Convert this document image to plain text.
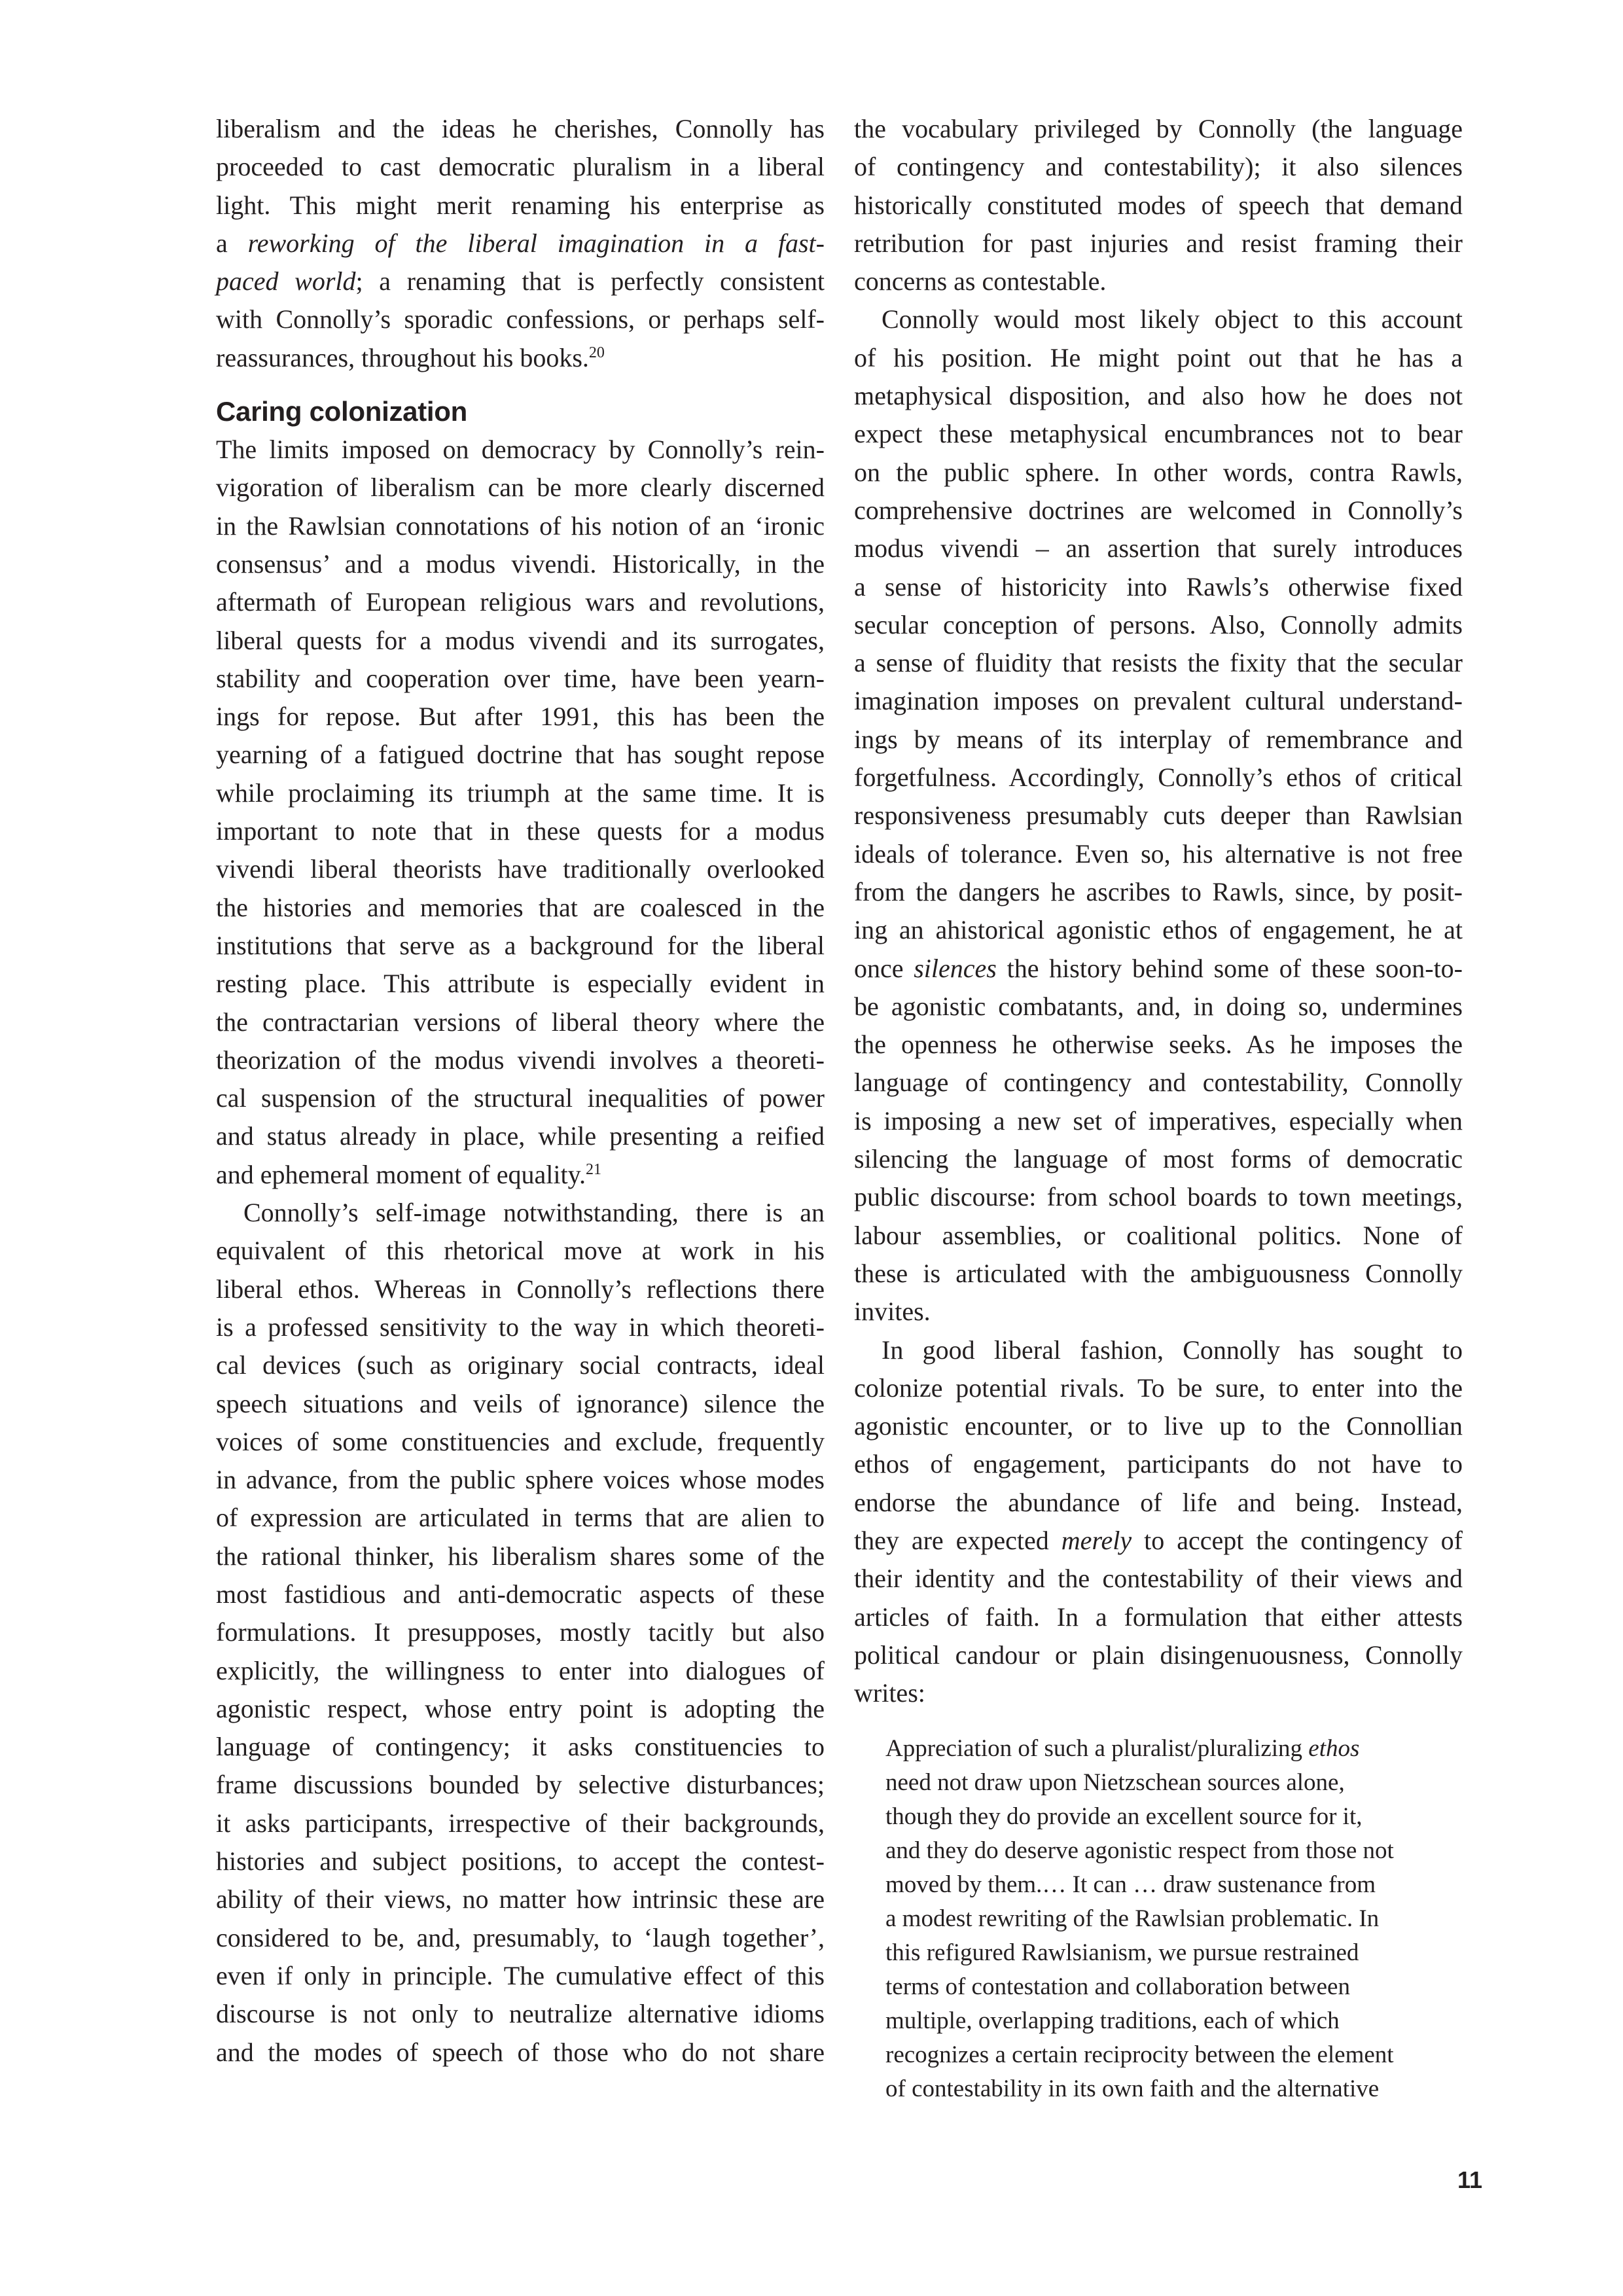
liberalism and the ideas he cherishes, Connolly has
proceeded to cast democratic pluralism in a liberal
light. This might merit renaming his enterprise as
a reworking of the liberal imagination in a fast-
paced world; a renaming that is perfectly consistent
with Connolly’s sporadic confessions, or perhaps self-
reassurances, throughout his books.$^{20}$
Caring colonization
The limits imposed on democracy by Connolly’s rein-
vigoration of liberalism can be more clearly discerned
in the Rawlsian connotations of his notion of an ‘ironic
consensus’ and a modus vivendi. Historically, in the
aftermath of European religious wars and revolutions,
liberal quests for a modus vivendi and its surrogates,
stability and cooperation over time, have been yearn-
ings for repose. But after 1991, this has been the
yearning of a fatigued doctrine that has sought repose
while proclaiming its triumph at the same time. It is
important to note that in these quests for a modus
vivendi liberal theorists have traditionally overlooked
the histories and memories that are coalesced in the
institutions that serve as a background for the liberal
resting place. This attribute is especially evident in
the contractarian versions of liberal theory where the
theorization of the modus vivendi involves a theoreti-
cal suspension of the structural inequalities of power
and status already in place, while presenting a reified
and ephemeral moment of equality.$^{21}$
Connolly’s self-image notwithstanding, there is an
equivalent of this rhetorical move at work in his
liberal ethos. Whereas in Connolly’s reflections there
is a professed sensitivity to the way in which theoreti-
cal devices (such as originary social contracts, ideal
speech situations and veils of ignorance) silence the
voices of some constituencies and exclude, frequently
in advance, from the public sphere voices whose modes
of expression are articulated in terms that are alien to
the rational thinker, his liberalism shares some of the
most fastidious and anti-democratic aspects of these
formulations. It presupposes, mostly tacitly but also
explicitly, the willingness to enter into dialogues of
agonistic respect, whose entry point is adopting the
language of contingency; it asks constituencies to
frame discussions bounded by selective disturbances;
it asks participants, irrespective of their backgrounds,
histories and subject positions, to accept the contest-
ability of their views, no matter how intrinsic these are
considered to be, and, presumably, to ‘laugh together’,
even if only in principle. The cumulative effect of this
discourse is not only to neutralize alternative idioms
and the modes of speech of those who do not share
the vocabulary privileged by Connolly (the language
of contingency and contestability); it also silences
historically constituted modes of speech that demand
retribution for past injuries and resist framing their
concerns as contestable.
Connolly would most likely object to this account
of his position. He might point out that he has a
metaphysical disposition, and also how he does not
expect these metaphysical encumbrances not to bear
on the public sphere. In other words, contra Rawls,
comprehensive doctrines are welcomed in Connolly’s
modus vivendi – an assertion that surely introduces
a sense of historicity into Rawls’s otherwise fixed
secular conception of persons. Also, Connolly admits
a sense of fluidity that resists the fixity that the secular
imagination imposes on prevalent cultural understand-
ings by means of its interplay of remembrance and
forgetfulness. Accordingly, Connolly’s ethos of critical
responsiveness presumably cuts deeper than Rawlsian
ideals of tolerance. Even so, his alternative is not free
from the dangers he ascribes to Rawls, since, by posit-
ing an ahistorical agonistic ethos of engagement, he at
once silences the history behind some of these soon-to-
be agonistic combatants, and, in doing so, undermines
the openness he otherwise seeks. As he imposes the
language of contingency and contestability, Connolly
is imposing a new set of imperatives, especially when
silencing the language of most forms of democratic
public discourse: from school boards to town meetings,
labour assemblies, or coalitional politics. None of
these is articulated with the ambiguousness Connolly
invites.
In good liberal fashion, Connolly has sought to
colonize potential rivals. To be sure, to enter into the
agonistic encounter, or to live up to the Connollian
ethos of engagement, participants do not have to
endorse the abundance of life and being. Instead,
they are expected merely to accept the contingency of
their identity and the contestability of their views and
articles of faith. In a formulation that either attests
political candour or plain disingenuousness, Connolly
writes:
Appreciation of such a pluralist/pluralizing ethos
need not draw upon Nietzschean sources alone,
though they do provide an excellent source for it,
and they do deserve agonistic respect from those not
moved by them.… It can … draw sustenance from
a modest rewriting of the Rawlsian problematic. In
this refigured Rawlsianism, we pursue restrained
terms of contestation and collaboration between
multiple, overlapping traditions, each of which
recognizes a certain reciprocity between the element
of contestability in its own faith and the alternative
11
